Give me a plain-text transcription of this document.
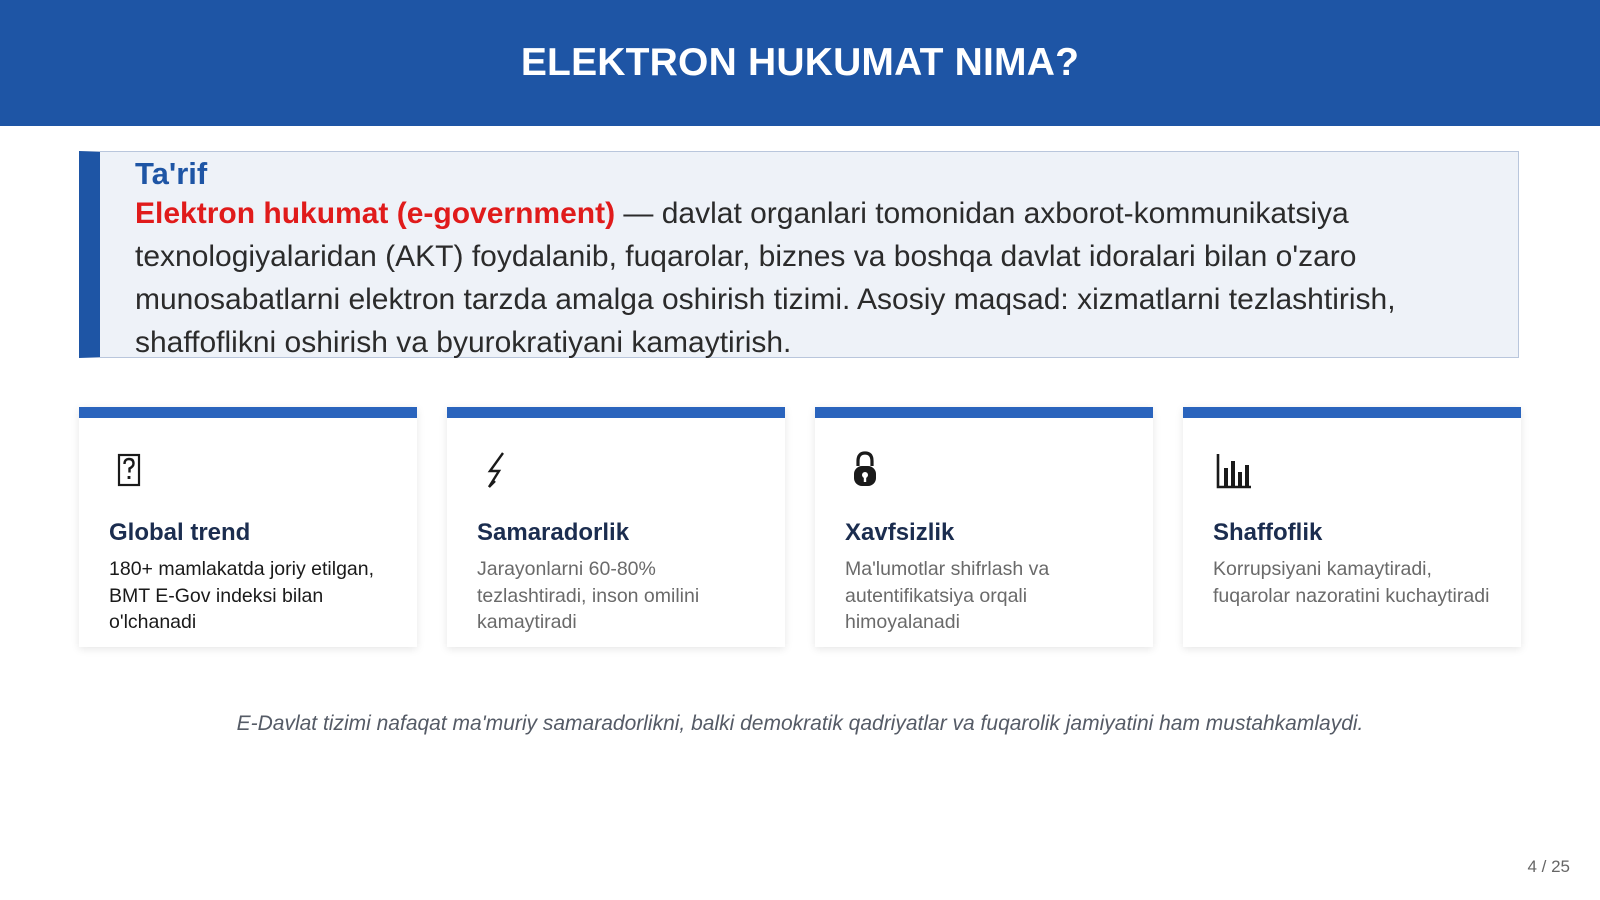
ELEKTRON HUKUMAT NIMA?
Ta'rif
Elektron hukumat (e-government) — davlat organlari tomonidan axborot-kommunikatsiya texnologiyalaridan (AKT) foydalanib, fuqarolar, biznes va boshqa davlat idoralari bilan o'zaro munosabatlarni elektron tarzda amalga oshirish tizimi. Asosiy maqsad: xizmatlarni tezlashtirish, shaffoflikni oshirish va byurokratiyani kamaytirish.
Global trend
180+ mamlakatda joriy etilgan, BMT E-Gov indeksi bilan o'lchanadi
Samaradorlik
Jarayonlarni 60-80% tezlashtiradi, inson omilini kamaytiradi
Xavfsizlik
Ma'lumotlar shifrlash va autentifikatsiya orqali himoyalanadi
Shaffoflik
Korrupsiyani kamaytiradi, fuqarolar nazoratini kuchaytiradi
E-Davlat tizimi nafaqat ma'muriy samaradorlikni, balki demokratik qadriyatlar va fuqarolik jamiyatini ham mustahkamlaydi.
4 / 25
